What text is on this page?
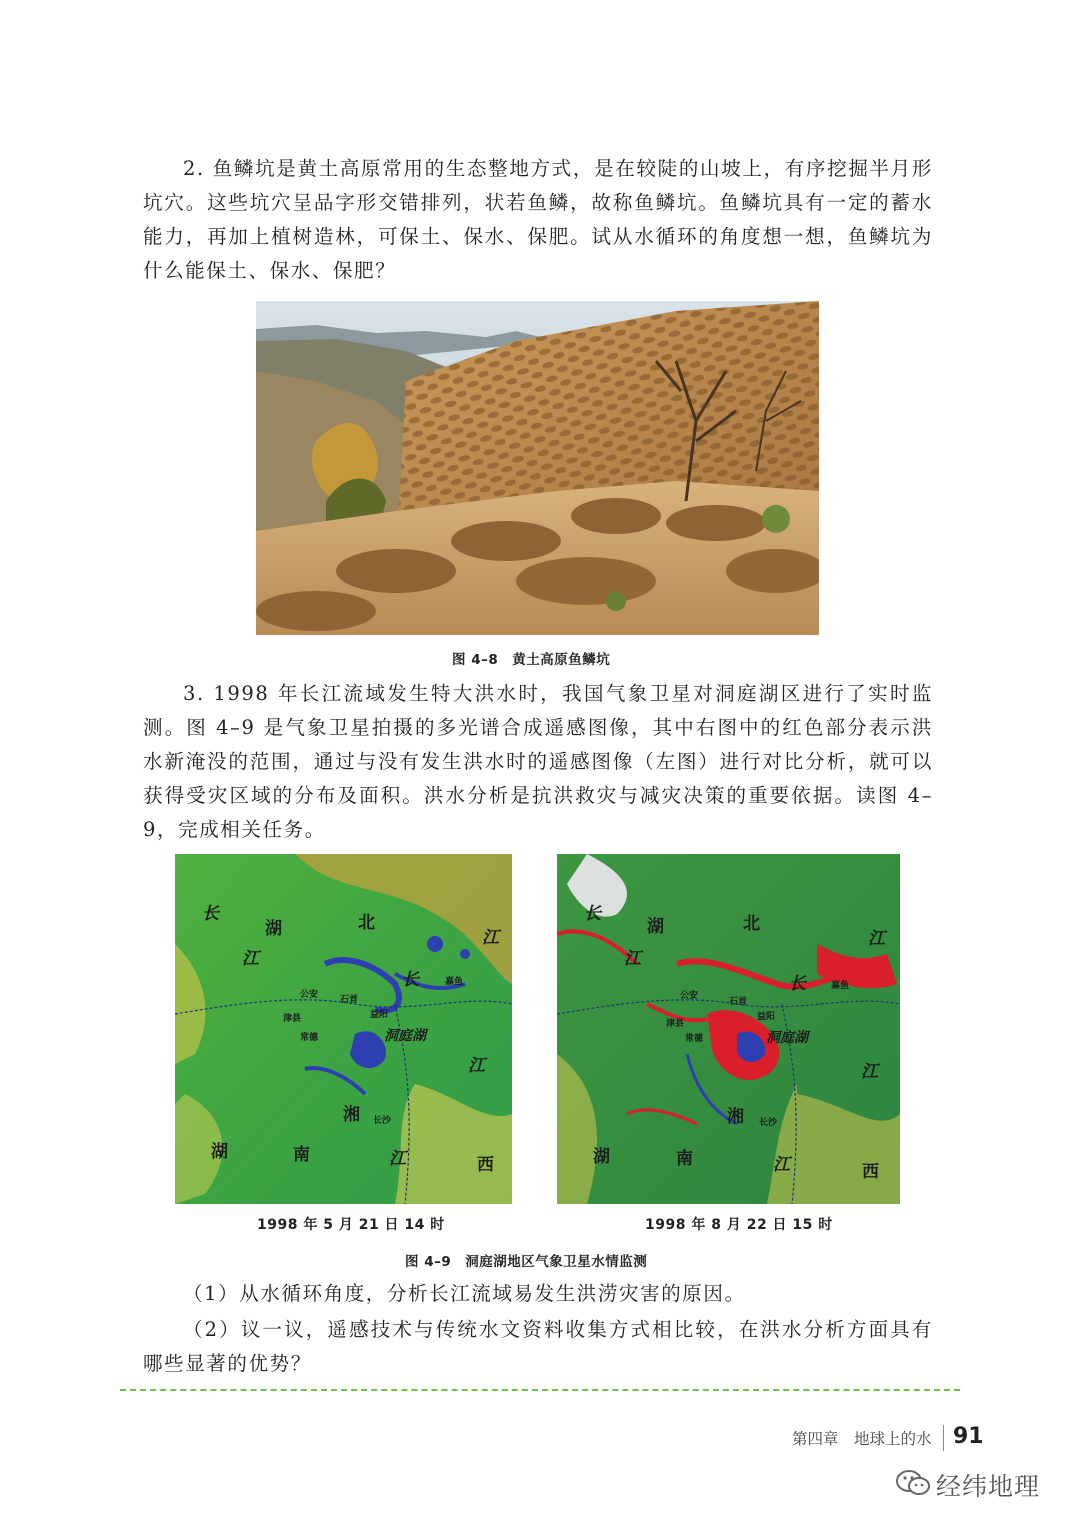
2. 鱼鳞坑是黄土高原常用的生态整地方式，是在较陡的山坡上，有序挖掘半月形坑穴。这些坑穴呈品字形交错排列，状若鱼鳞，故称鱼鳞坑。鱼鳞坑具有一定的蓄水能力，再加上植树造林，可保土、保水、保肥。试从水循环的角度想一想，鱼鳞坑为什么能保土、保水、保肥？

图 4–8　黄土高原鱼鳞坑

3. 1998 年长江流域发生特大洪水时，我国气象卫星对洞庭湖区进行了实时监测。图 4–9 是气象卫星拍摄的多光谱合成遥感图像，其中右图中的红色部分表示洪水新淹没的范围，通过与没有发生洪水时的遥感图像（左图）进行对比分析，就可以获得受灾区域的分布及面积。洪水分析是抗洪救灾与减灾决策的重要依据。读图 4–9，完成相关任务。

长
湖	北
江
江
长	嘉鱼
公安 石首
津县	益阳
常德	洞庭湖
江
湘 长沙
湖	南	江	西
长
湖	北
江
江
长	嘉鱼
公安
石首
津县
益阳
常德	洞庭湖
江
湘 长沙
湖	南	江	西
1998 年 5 月 21 日 14 时	1998 年 8 月 22 日 15 时
图 4–9　洞庭湖地区气象卫星水情监测

（1）从水循环角度，分析长江流域易发生洪涝灾害的原因。

（2）议一议，遥感技术与传统水文资料收集方式相比较，在洪水分析方面具有哪些显著的优势？

第四章　地球上的水 91
经纬地理
